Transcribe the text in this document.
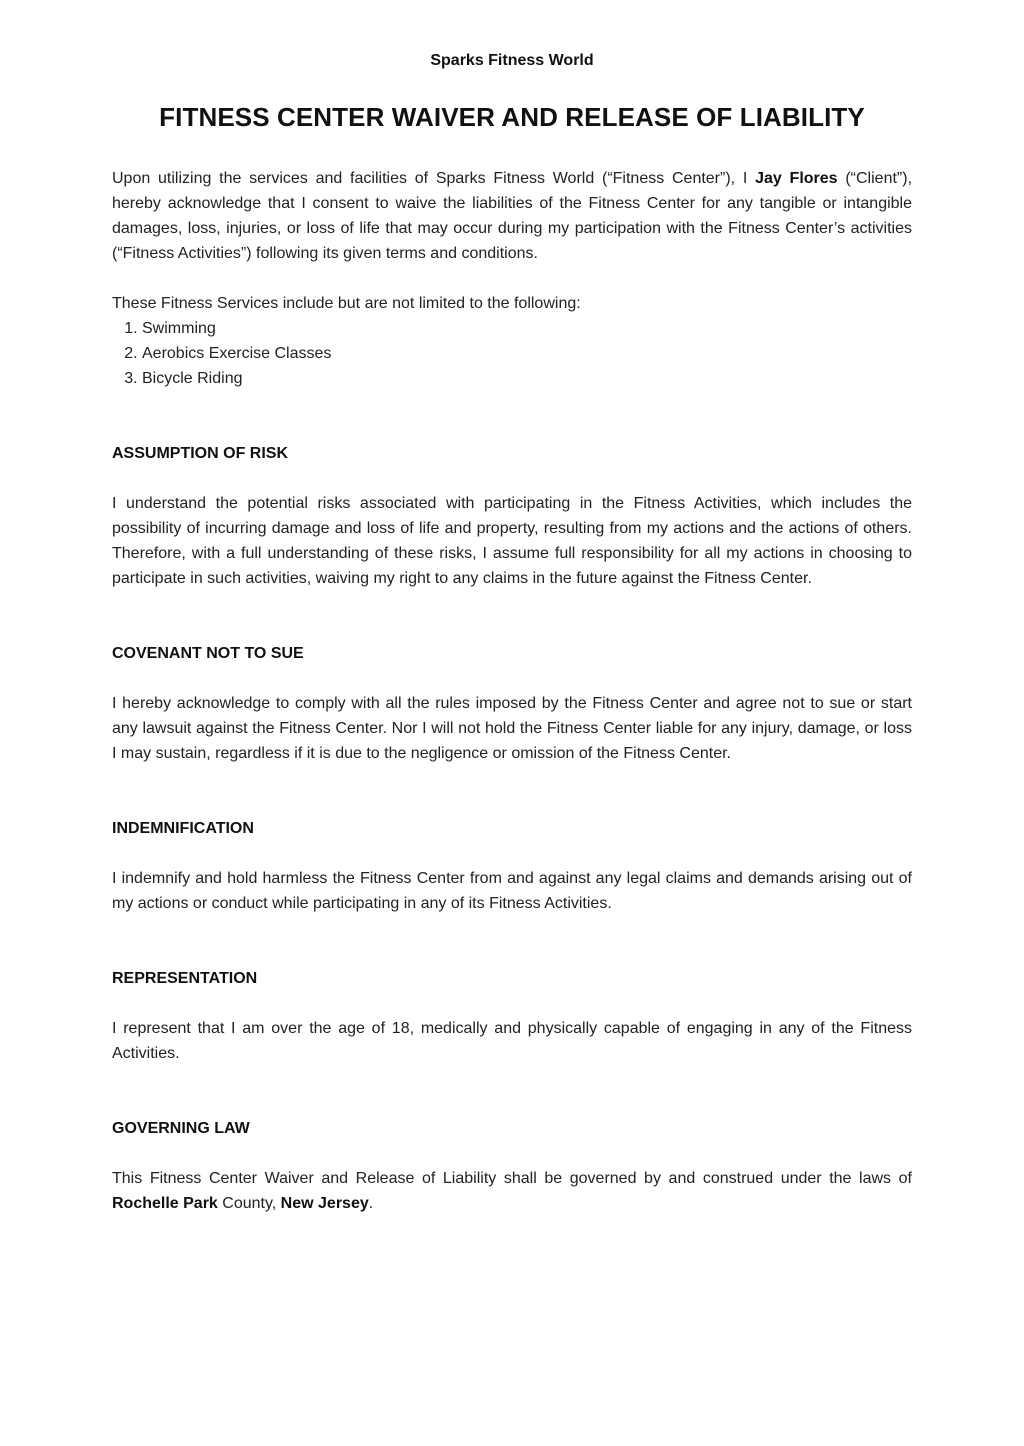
Sparks Fitness World
FITNESS CENTER WAIVER AND RELEASE OF LIABILITY

Upon utilizing the services and facilities of Sparks Fitness World (“Fitness Center”), I Jay Flores (“Client”), hereby acknowledge that I consent to waive the liabilities of the Fitness Center for any tangible or intangible damages, loss, injuries, or loss of life that may occur during my participation with the Fitness Center’s activities (“Fitness Activities”) following its given terms and conditions.

These Fitness Services include but are not limited to the following:

1. Swimming
2. Aerobics Exercise Classes
3. Bicycle Riding
ASSUMPTION OF RISK

I understand the potential risks associated with participating in the Fitness Activities, which includes the possibility of incurring damage and loss of life and property, resulting from my actions and the actions of others. Therefore, with a full understanding of these risks, I assume full responsibility for all my actions in choosing to participate in such activities, waiving my right to any claims in the future against the Fitness Center.

COVENANT NOT TO SUE

I hereby acknowledge to comply with all the rules imposed by the Fitness Center and agree not to sue or start any lawsuit against the Fitness Center. Nor I will not hold the Fitness Center liable for any injury, damage, or loss I may sustain, regardless if it is due to the negligence or omission of the Fitness Center.

INDEMNIFICATION

I indemnify and hold harmless the Fitness Center from and against any legal claims and demands arising out of my actions or conduct while participating in any of its Fitness Activities.

REPRESENTATION

I represent that I am over the age of 18, medically and physically capable of engaging in any of the Fitness Activities.

GOVERNING LAW

This Fitness Center Waiver and Release of Liability shall be governed by and construed under the laws of Rochelle Park County, New Jersey.
